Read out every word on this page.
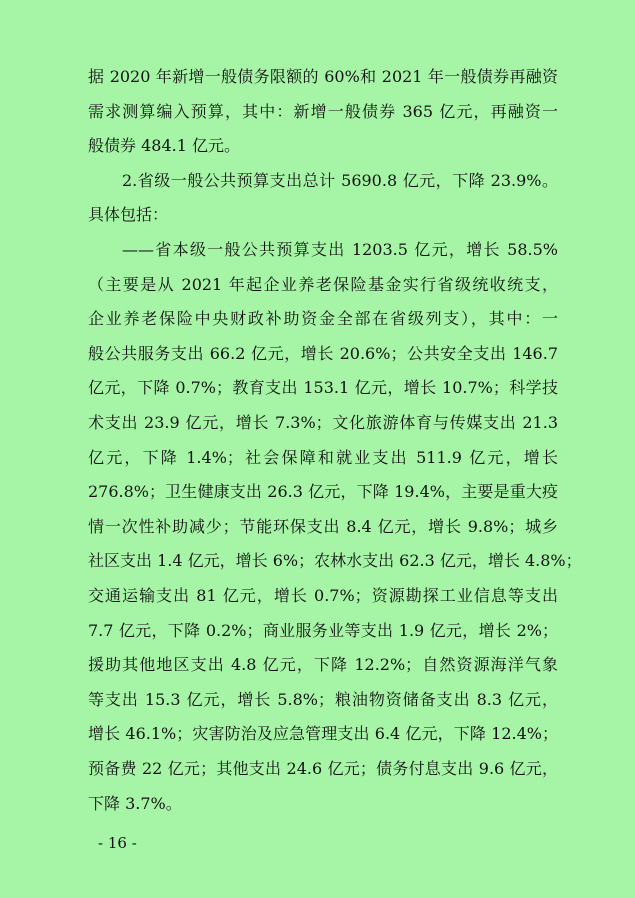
据 2020 年新增一般债务限额的 60%和 2021 年一般债券再融资
需求测算编入预算，其中：新增一般债券 365 亿元，再融资一
般债券 484.1 亿元。
2.省级一般公共预算支出总计 5690.8 亿元，下降 23.9%。
具体包括：
——省本级一般公共预算支出 1203.5 亿元，增长 58.5%
（主要是从 2021 年起企业养老保险基金实行省级统收统支，
企业养老保险中央财政补助资金全部在省级列支），其中：一
般公共服务支出 66.2 亿元，增长 20.6%；公共安全支出 146.7
亿元，下降 0.7%；教育支出 153.1 亿元，增长 10.7%；科学技
术支出 23.9 亿元，增长 7.3%；文化旅游体育与传媒支出 21.3
亿元，下降 1.4%；社会保障和就业支出 511.9 亿元，增长
276.8%；卫生健康支出 26.3 亿元，下降 19.4%，主要是重大疫
情一次性补助减少；节能环保支出 8.4 亿元，增长 9.8%；城乡
社区支出 1.4 亿元，增长 6%；农林水支出 62.3 亿元，增长 4.8%；
交通运输支出 81 亿元，增长 0.7%；资源勘探工业信息等支出
7.7 亿元，下降 0.2%；商业服务业等支出 1.9 亿元，增长 2%；
援助其他地区支出 4.8 亿元，下降 12.2%；自然资源海洋气象
等支出 15.3 亿元，增长 5.8%；粮油物资储备支出 8.3 亿元，
增长 46.1%；灾害防治及应急管理支出 6.4 亿元，下降 12.4%；
预备费 22 亿元；其他支出 24.6 亿元；债务付息支出 9.6 亿元，
下降 3.7%。
- 16 -
